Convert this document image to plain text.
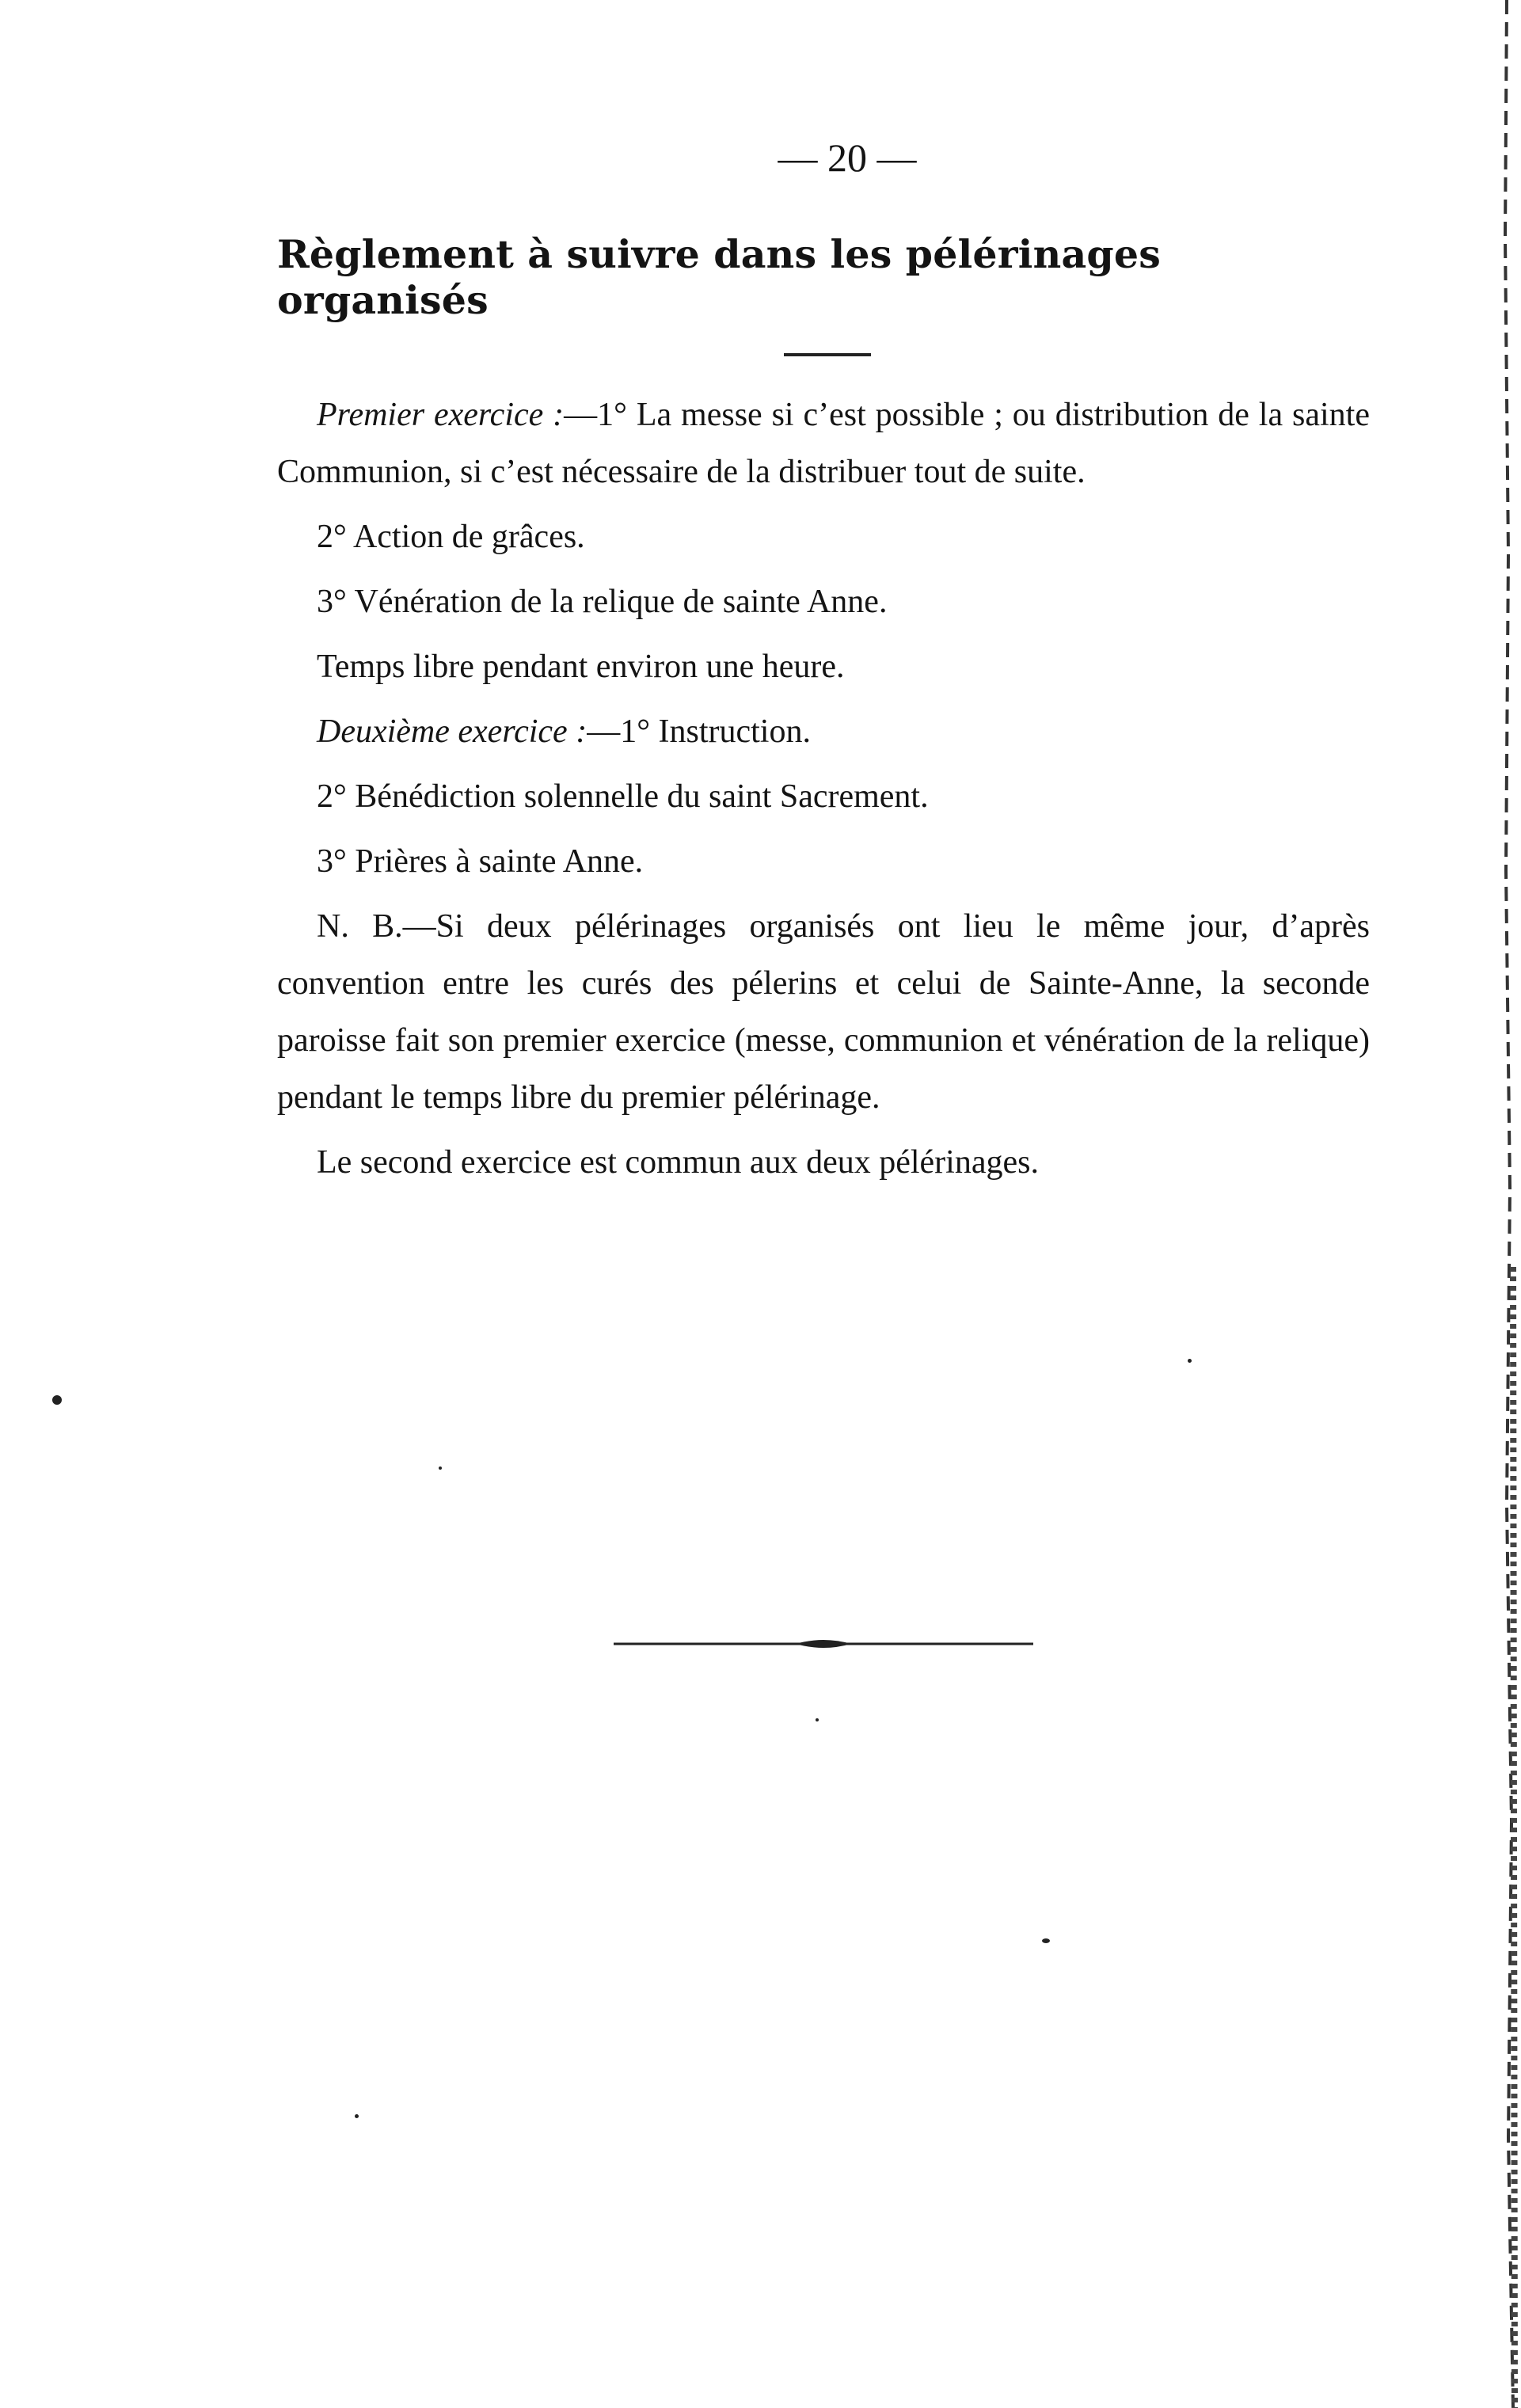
— 20 —
Règlement à suivre dans les pélérinages organisés

Premier exercice :—1° La messe si c’est possible ; ou distribution de la sainte Communion, si c’est nécessaire de la distribuer tout de suite.

2° Action de grâces.

3° Vénération de la relique de sainte Anne.

Temps libre pendant environ une heure.

Deuxième exercice :—1° Instruction.

2° Bénédiction solennelle du saint Sacrement.

3° Prières à sainte Anne.

N. B.—Si deux pélérinages organisés ont lieu le même jour, d’après convention entre les curés des pélerins et celui de Sainte-Anne, la seconde paroisse fait son premier exercice (messe, communion et vénération de la relique) pendant le temps libre du premier pélérinage.

Le second exercice est commun aux deux pélérinages.
